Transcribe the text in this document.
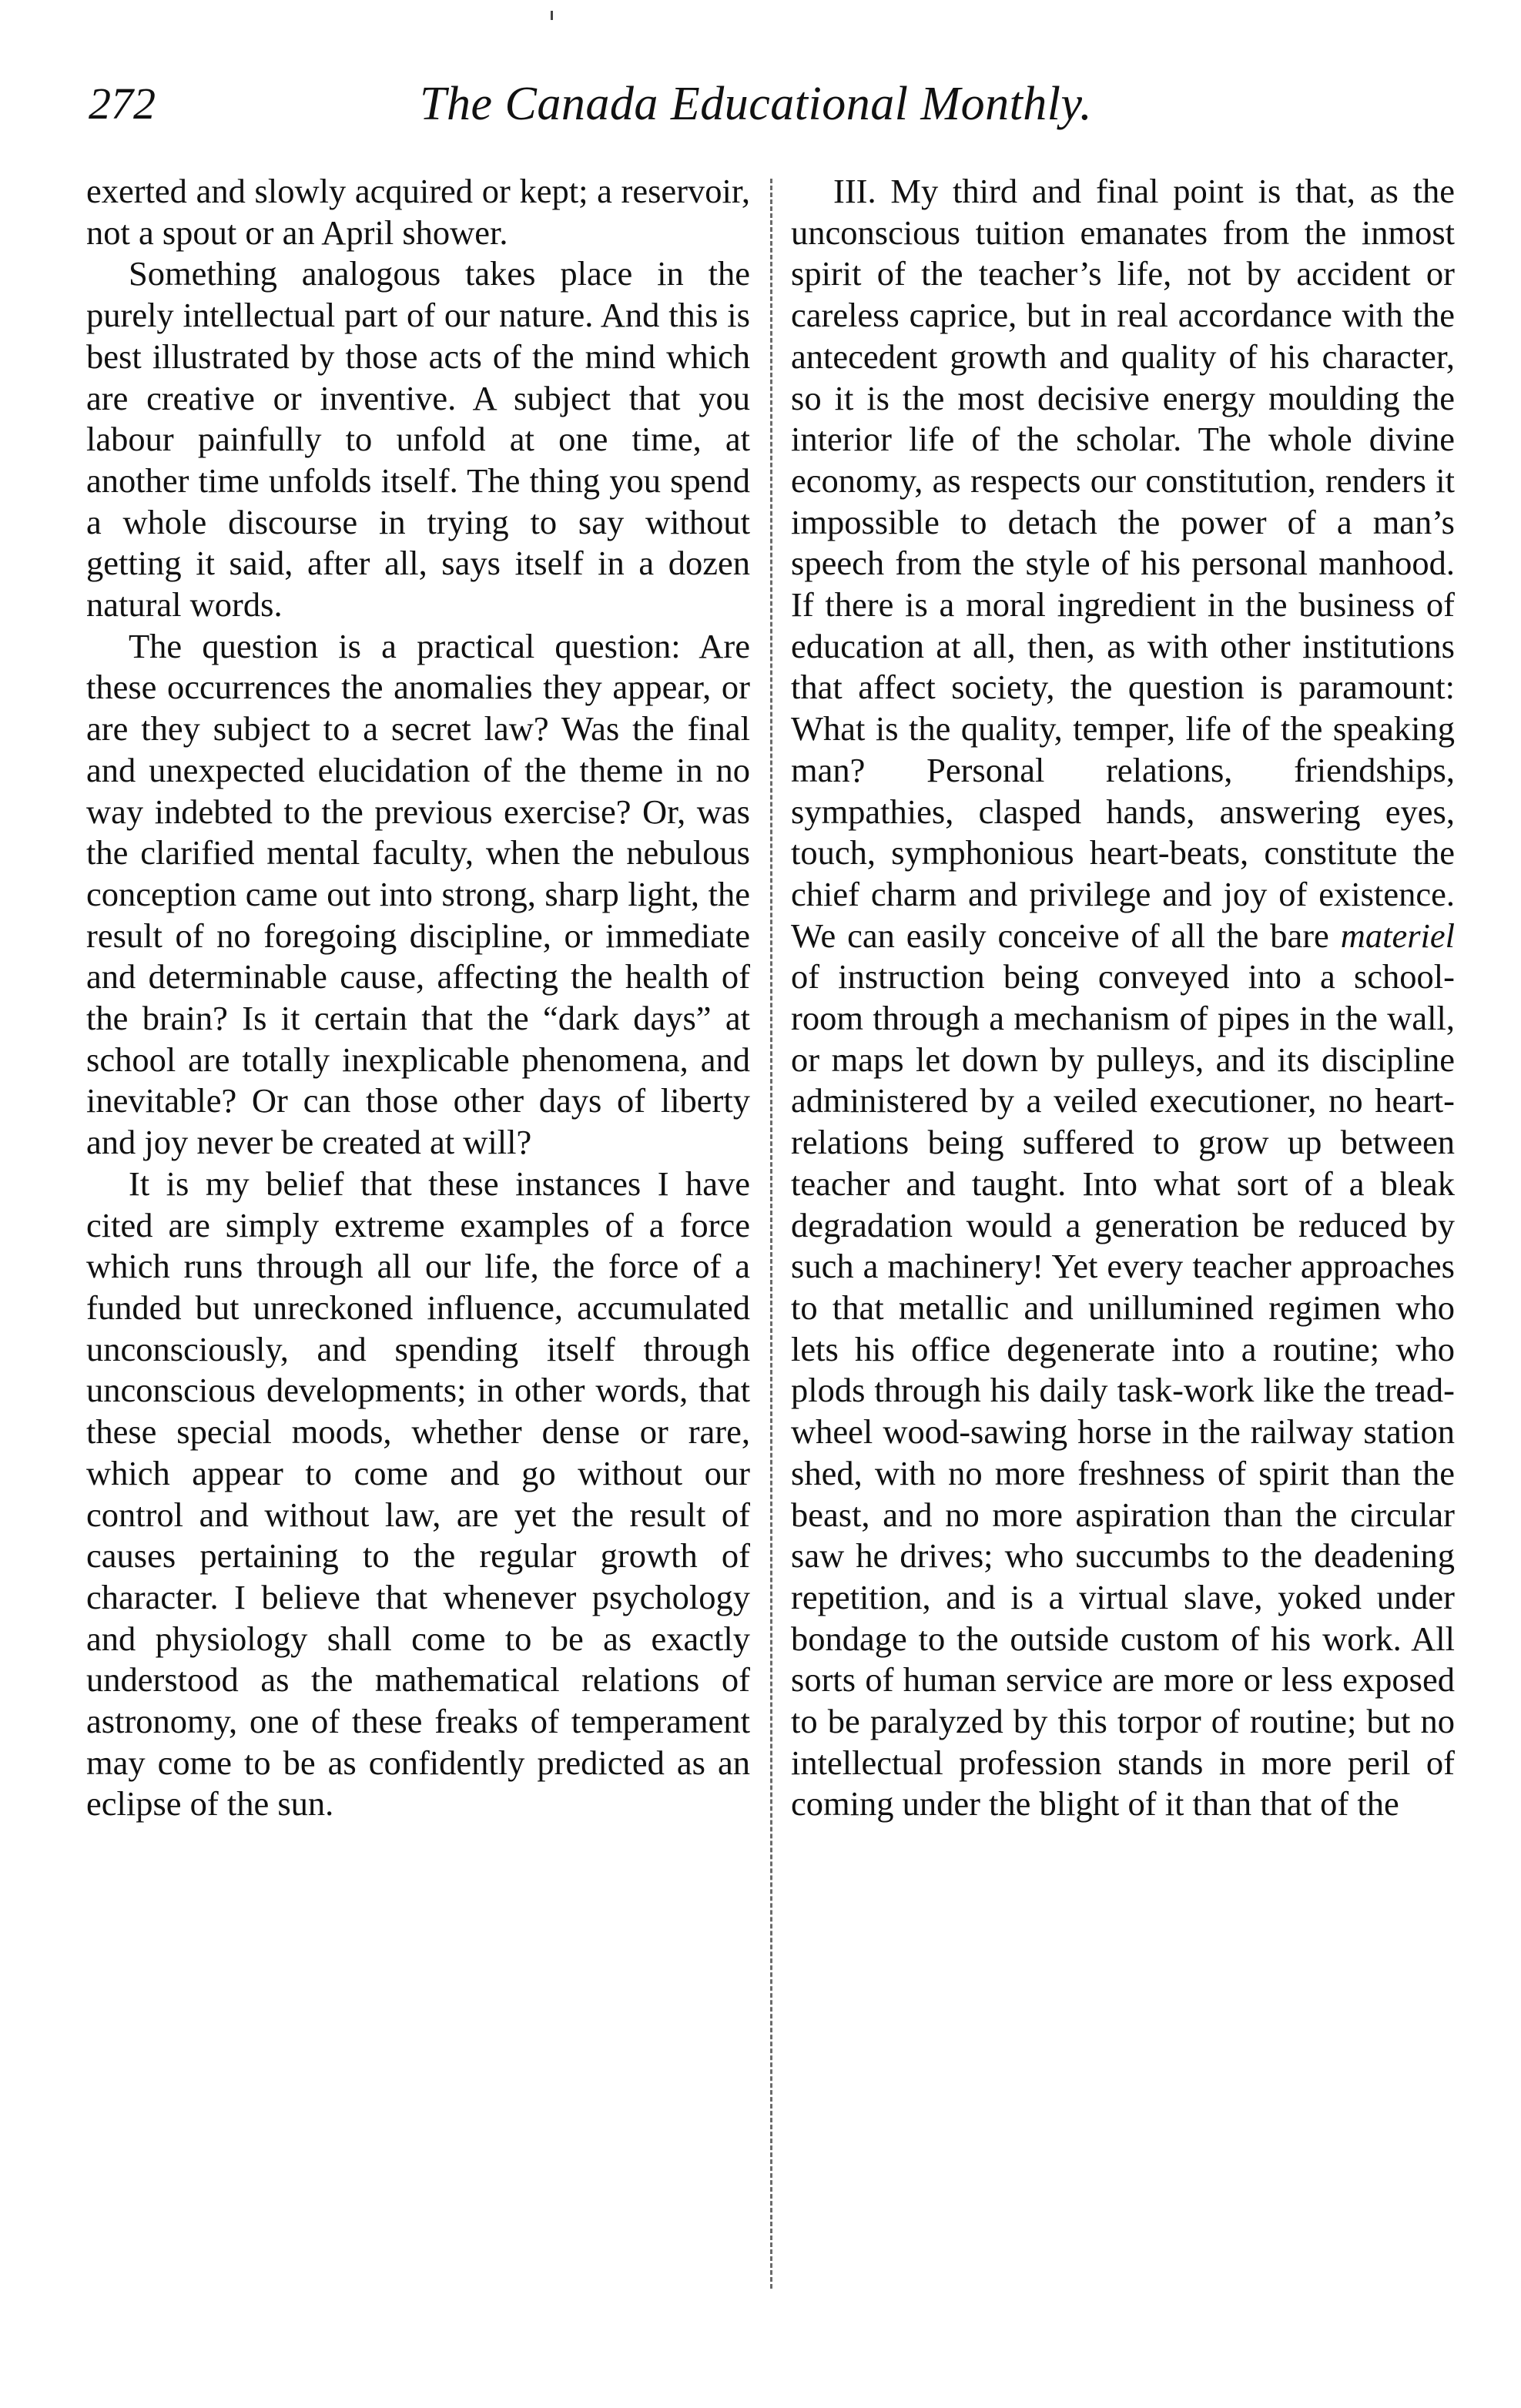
272	The Canada Educational Monthly.

exerted and slowly acquired or kept; a reservoir, not a spout or an April shower.

Something analogous takes place in the purely intellectual part of our nature. And this is best illustrated by those acts of the mind which are creative or inventive. A subject that you labour painfully to unfold at one time, at another time unfolds itself. The thing you spend a whole discourse in trying to say without getting it said, after all, says itself in a dozen natural words.

The question is a practical question: Are these occurrences the anomalies they appear, or are they subject to a secret law? Was the final and unexpected elucidation of the theme in no way indebted to the previous exercise? Or, was the clarified mental faculty, when the nebulous conception came out into strong, sharp light, the result of no foregoing discipline, or immediate and determinable cause, affecting the health of the brain? Is it certain that the “dark days” at school are totally inexplicable phenomena, and inevitable? Or can those other days of liberty and joy never be created at will?

It is my belief that these instances I have cited are simply extreme examples of a force which runs through all our life, the force of a funded but unreckoned influence, accumulated unconsciously, and spending itself through unconscious developments; in other words, that these special moods, whether dense or rare, which appear to come and go without our control and without law, are yet the result of causes pertaining to the regular growth of character. I believe that whenever psychology and physiology shall come to be as exactly understood as the mathematical relations of astronomy, one of these freaks of temperament may come to be as confidently predicted as an eclipse of the sun.

III. My third and final point is that, as the unconscious tuition emanates from the inmost spirit of the teacher’s life, not by accident or careless caprice, but in real accordance with the antecedent growth and quality of his character, so it is the most decisive energy moulding the interior life of the scholar. The whole divine economy, as respects our constitution, renders it impossible to detach the power of a man’s speech from the style of his personal manhood. If there is a moral ingredient in the business of education at all, then, as with other institutions that affect society, the question is paramount: What is the quality, temper, life of the speaking man? Personal relations, friendships, sympathies, clasped hands, answering eyes, touch, symphonious heart-beats, constitute the chief charm and privilege and joy of existence. We can easily conceive of all the bare materiel of instruction being conveyed into a school-room through a mechanism of pipes in the wall, or maps let down by pulleys, and its discipline administered by a veiled executioner, no heart-relations being suffered to grow up between teacher and taught. Into what sort of a bleak degradation would a generation be reduced by such a machinery! Yet every teacher approaches to that metallic and unillumined regimen who lets his office degenerate into a routine; who plods through his daily task-work like the tread-wheel wood-sawing horse in the railway station shed, with no more freshness of spirit than the beast, and no more aspiration than the circular saw he drives; who succumbs to the deadening repetition, and is a virtual slave, yoked under bondage to the outside custom of his work. All sorts of human service are more or less exposed to be paralyzed by this torpor of routine; but no intellectual profession stands in more peril of coming under the blight of it than that of the
